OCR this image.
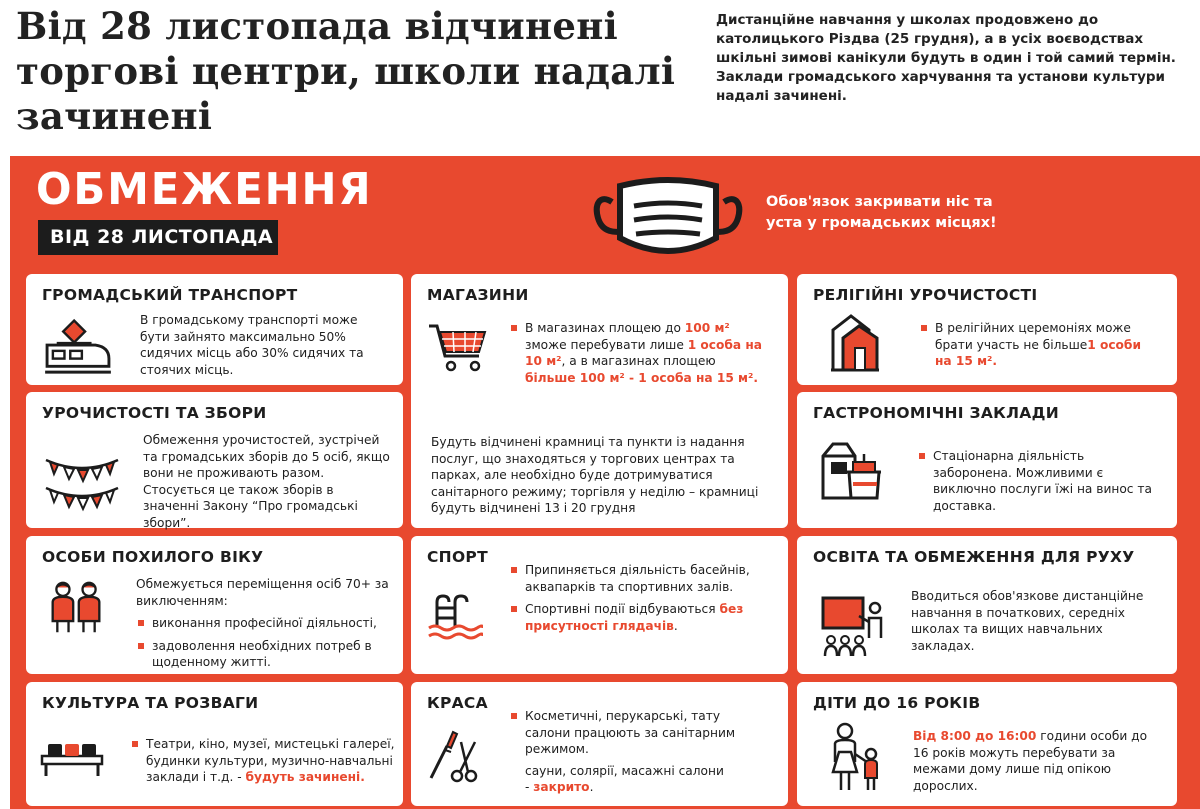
Від 28 листопада відчинені торгові центри, школи надалі зачинені
Дистанційне навчання у школах продовжено до католицького Різдва (25 грудня), а в усіх воєводствах шкільні зимові канікули будуть в один і той самий термін. Заклади громадського харчування та установи культури надалі зачинені.
ОБМЕЖЕННЯ
ВІД 28 ЛИСТОПАДА
Обов'язок закривати ніс та уста у громадських місцях!
ГРОМАДСЬКИЙ ТРАНСПОРТ
В громадському транспорті може бути зайнято максимально 50% сидячих місць або 30% сидячих та стоячих місць.
УРОЧИСТОСТІ ТА ЗБОРИ
Обмеження урочистостей, зустрічей та громадських зборів до 5 осіб, якщо вони не проживають разом.
Стосується це також зборів в значенні Закону “Про громадські збори”.
ОСОБИ ПОХИЛОГО ВІКУ
Обмежується переміщення осіб 70+ за виключенням:
виконання професійної діяльності,
задоволення необхідних потреб в щоденному житті.
КУЛЬТУРА ТА РОЗВАГИ
Театри, кіно, музеї, мистецькі галереї, будинки культури, музично-навчальні заклади і т.д. - будуть зачинені.
МАГАЗИНИ
В магазинах площею до 100 м² зможе перебувати лише 1 особа на 10 м², а в магазинах площею більше 100 м² - 1 особа на 15 м².
Будуть відчинені крамниці та пункти із надання послуг, що знаходяться у торгових центрах та парках, але необхідно буде дотримуватися санітарного режиму; торгівля у неділю – крамниці будуть відчинені 13 і 20 грудня
СПОРТ
Припиняється діяльність басейнів, аквапарків та спортивних залів.
Спортивні події відбуваються без присутності глядачів.
КРАСА
Косметичні, перукарські, тату салони працюють за санітарним режимом.
сауни, солярії, масажні салони
- закрито.
РЕЛІГІЙНІ УРОЧИСТОСТІ
В релігійних церемоніях може брати участь не більше1 особи на 15 м².
ГАСТРОНОМІЧНІ ЗАКЛАДИ
Стаціонарна діяльність заборонена. Можливими є виключно послуги їжі на винос та доставка.
ОСВІТА ТА ОБМЕЖЕННЯ ДЛЯ РУХУ
Вводиться обов'язкове дистанційне навчання в початкових, середніх школах та вищих навчальних закладах.
ДІТИ ДО 16 РОКІВ
Від 8:00 до 16:00 години особи до 16 років можуть перебувати за межами дому лише під опікою дорослих.
